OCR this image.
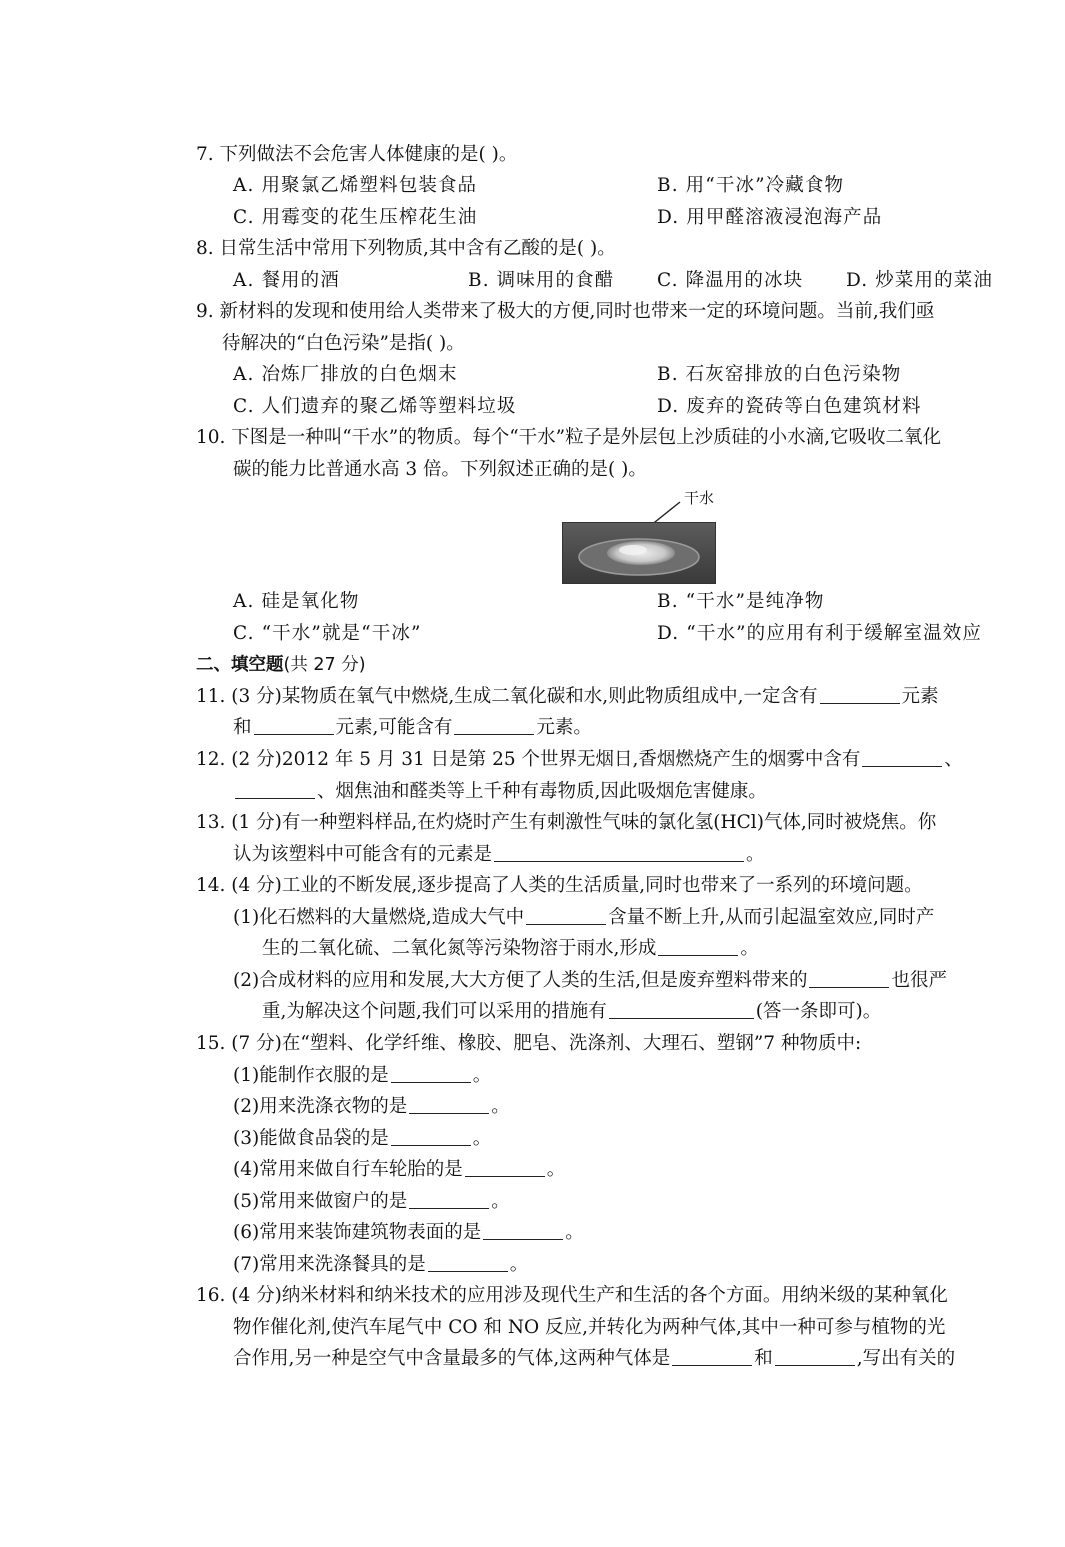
7. 下列做法不会危害人体健康的是( )。
A. 用聚氯乙烯塑料包装食品	B. 用“干冰”冷藏食物
C. 用霉变的花生压榨花生油	D. 用甲醛溶液浸泡海产品
8. 日常生活中常用下列物质,其中含有乙酸的是( )。
A. 餐用的酒	B. 调味用的食醋 C. 降温用的冰块 D. 炒菜用的菜油
9. 新材料的发现和使用给人类带来了极大的方便,同时也带来一定的环境问题。当前,我们亟
待解决的“白色污染”是指( )。
A. 冶炼厂排放的白色烟末	B. 石灰窑排放的白色污染物
C. 人们遗弃的聚乙烯等塑料垃圾	D. 废弃的瓷砖等白色建筑材料
10. 下图是一种叫“干水”的物质。每个“干水”粒子是外层包上沙质硅的小水滴,它吸收二氧化
碳的能力比普通水高 3 倍。下列叙述正确的是( )。
干水
A. 硅是氧化物	B. “干水”是纯净物
C. “干水”就是“干冰”	D. “干水”的应用有利于缓解室温效应
二、填空题(共 27 分)
11. (3 分)某物质在氧气中燃烧,生成二氧化碳和水,则此物质组成中,一定含有	元素
和	元素,可能含有	元素。
12. (2 分)2012 年 5 月 31 日是第 25 个世界无烟日,香烟燃烧产生的烟雾中含有	、
、烟焦油和醛类等上千种有毒物质,因此吸烟危害健康。
13. (1 分)有一种塑料样品,在灼烧时产生有刺激性气味的氯化氢(HCl)气体,同时被烧焦。你
认为该塑料中可能含有的元素是	。
14. (4 分)工业的不断发展,逐步提高了人类的生活质量,同时也带来了一系列的环境问题。
(1)化石燃料的大量燃烧,造成大气中	含量不断上升,从而引起温室效应,同时产
生的二氧化硫、二氧化氮等污染物溶于雨水,形成	。
(2)合成材料的应用和发展,大大方便了人类的生活,但是废弃塑料带来的	也很严
重,为解决这个问题,我们可以采用的措施有	(答一条即可)。
15. (7 分)在“塑料、化学纤维、橡胶、肥皂、洗涤剂、大理石、塑钢”7 种物质中:
(1)能制作衣服的是	。
(2)用来洗涤衣物的是	。
(3)能做食品袋的是	。
(4)常用来做自行车轮胎的是	。
(5)常用来做窗户的是	。
(6)常用来装饰建筑物表面的是	。
(7)常用来洗涤餐具的是	。
16. (4 分)纳米材料和纳米技术的应用涉及现代生产和生活的各个方面。用纳米级的某种氧化
物作催化剂,使汽车尾气中 CO 和 NO 反应,并转化为两种气体,其中一种可参与植物的光
合作用,另一种是空气中含量最多的气体,这两种气体是	和	,写出有关的
